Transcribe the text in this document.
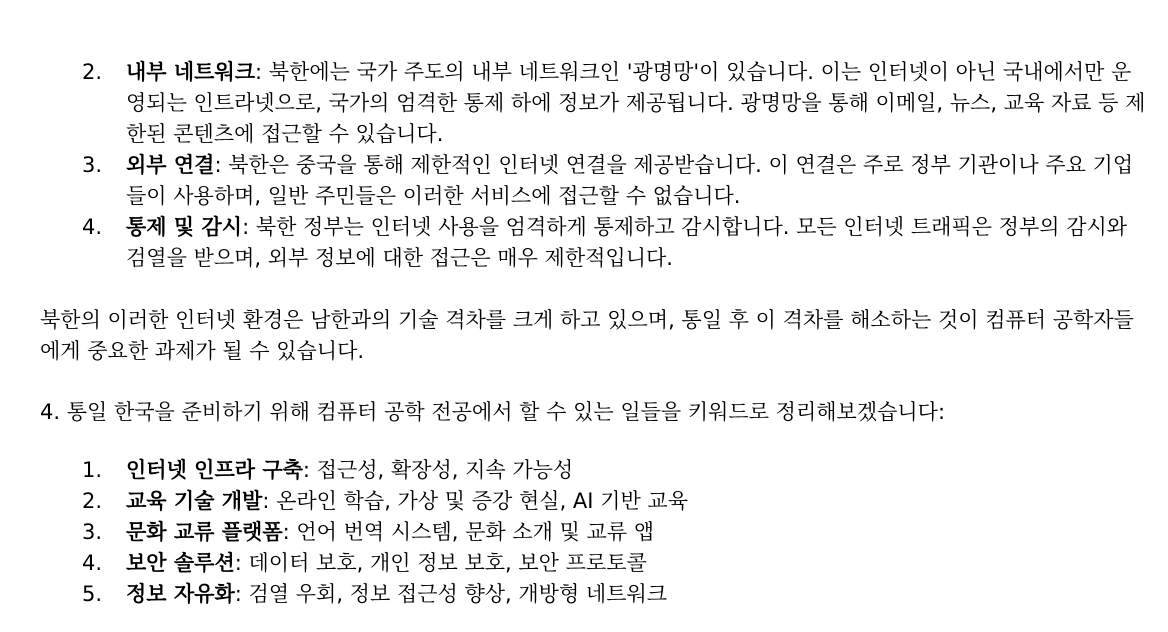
2.	내부 네트워크: 북한에는 국가 주도의 내부 네트워크인 '광명망'이 있습니다. 이는 인터넷이 아닌 국내에서만 운영되는 인트라넷으로, 국가의 엄격한 통제 하에 정보가 제공됩니다. 광명망을 통해 이메일, 뉴스, 교육 자료 등 제한된 콘텐츠에 접근할 수 있습니다.
3.	외부 연결: 북한은 중국을 통해 제한적인 인터넷 연결을 제공받습니다. 이 연결은 주로 정부 기관이나 주요 기업들이 사용하며, 일반 주민들은 이러한 서비스에 접근할 수 없습니다.
4.	통제 및 감시: 북한 정부는 인터넷 사용을 엄격하게 통제하고 감시합니다. 모든 인터넷 트래픽은 정부의 감시와 검열을 받으며, 외부 정보에 대한 접근은 매우 제한적입니다.

북한의 이러한 인터넷 환경은 남한과의 기술 격차를 크게 하고 있으며, 통일 후 이 격차를 해소하는 것이 컴퓨터 공학자들에게 중요한 과제가 될 수 있습니다.

4. 통일 한국을 준비하기 위해 컴퓨터 공학 전공에서 할 수 있는 일들을 키워드로 정리해보겠습니다:

1.	인터넷 인프라 구축: 접근성, 확장성, 지속 가능성
2.	교육 기술 개발: 온라인 학습, 가상 및 증강 현실, AI 기반 교육
3.	문화 교류 플랫폼: 언어 번역 시스템, 문화 소개 및 교류 앱
4.	보안 솔루션: 데이터 보호, 개인 정보 보호, 보안 프로토콜
5.	정보 자유화: 검열 우회, 정보 접근성 향상, 개방형 네트워크
